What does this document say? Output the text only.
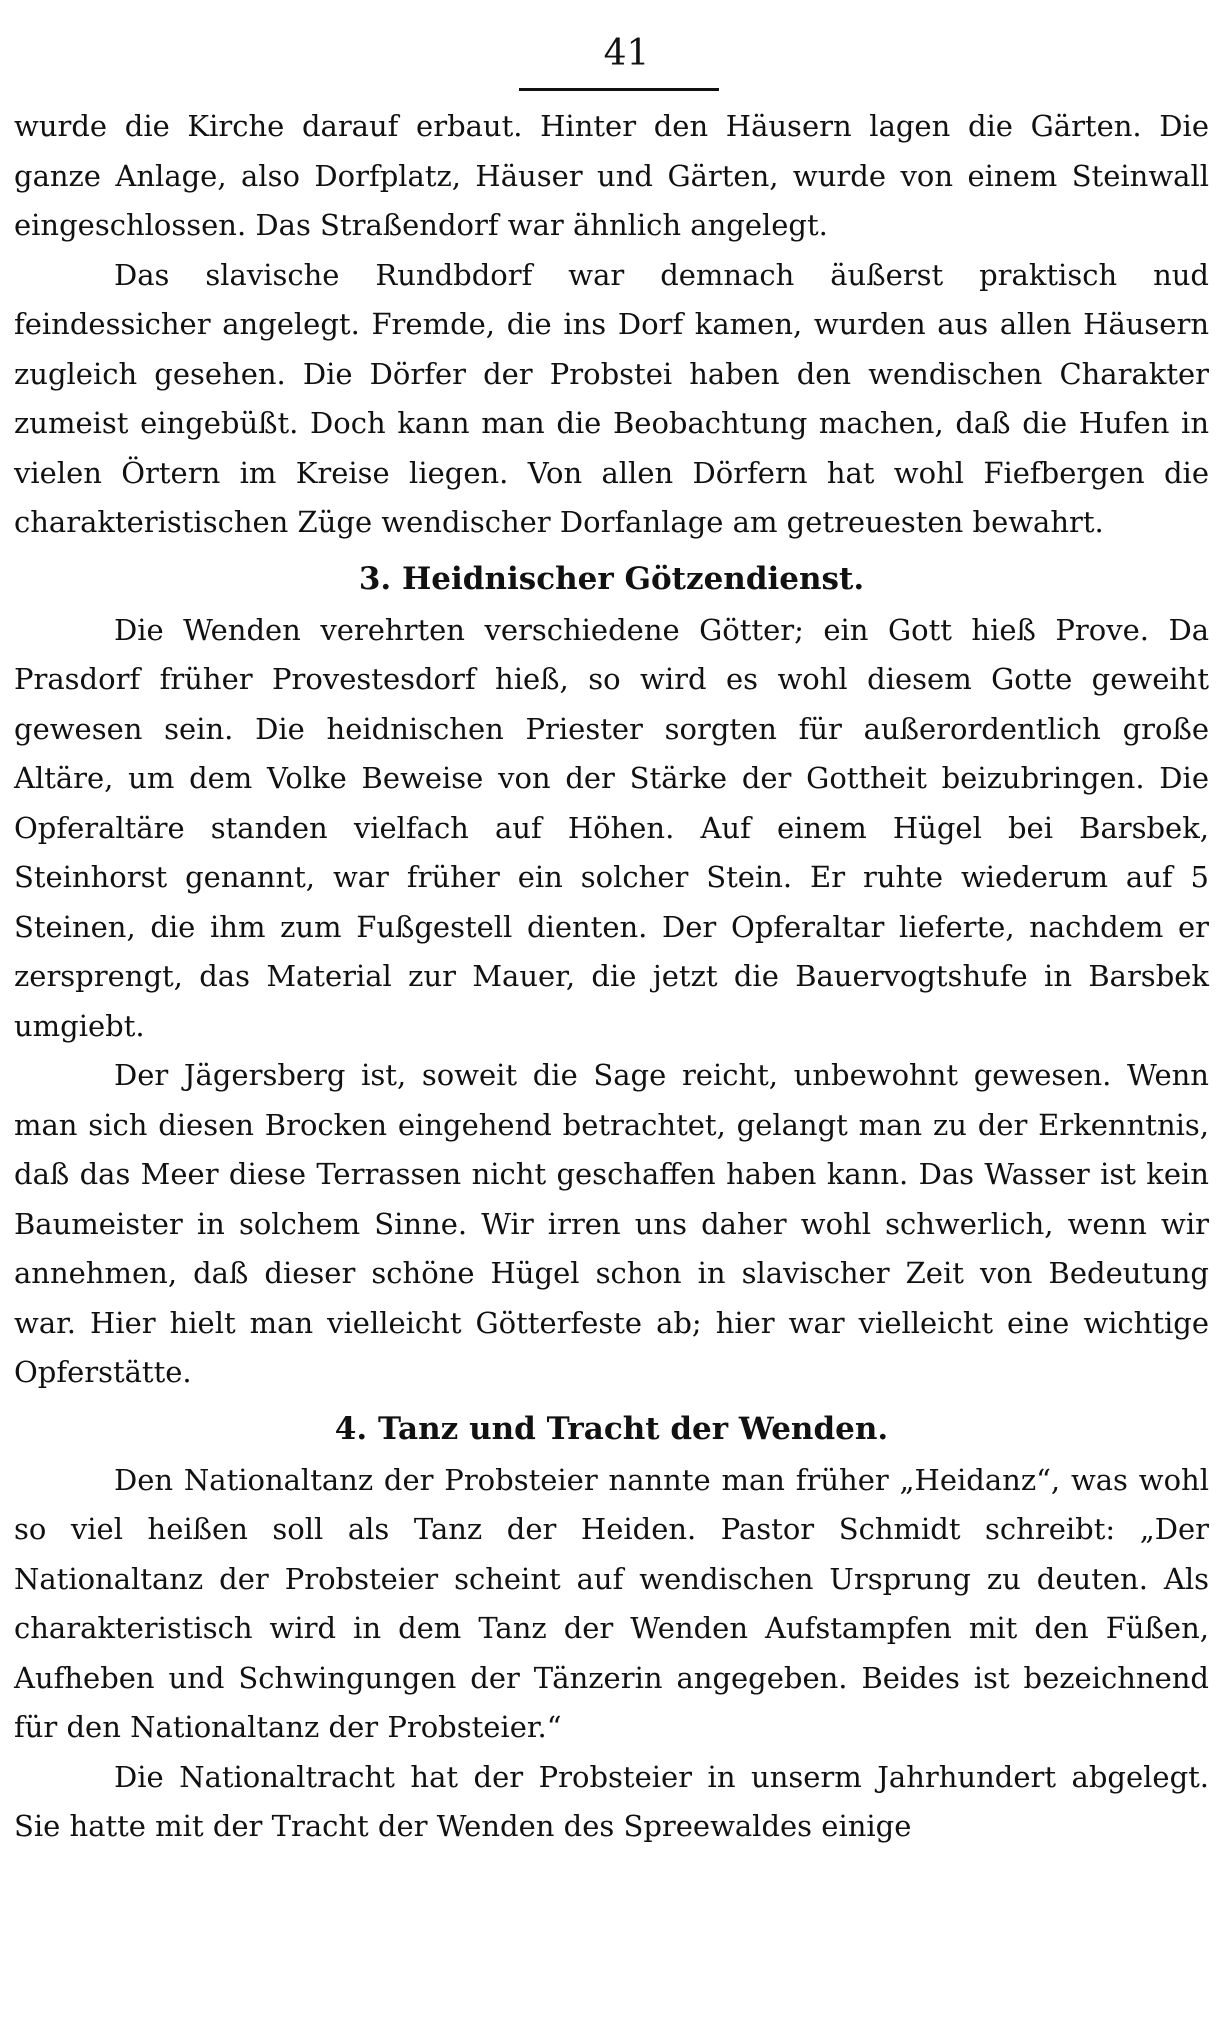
41

wurde die Kirche darauf erbaut. Hinter den Häusern lagen die Gärten. Die ganze Anlage, also Dorfplatz, Häuser und Gärten, wurde von einem Steinwall eingeschlossen. Das Straßendorf war ähnlich angelegt.

Das slavische Rundbdorf war demnach äußerst praktisch nud feindessicher angelegt. Fremde, die ins Dorf kamen, wurden aus allen Häusern zugleich gesehen. Die Dörfer der Probstei haben den wendischen Charakter zumeist eingebüßt. Doch kann man die Beobachtung machen, daß die Hufen in vielen Örtern im Kreise liegen. Von allen Dörfern hat wohl Fiefbergen die charakteristischen Züge wendischer Dorfanlage am getreuesten bewahrt.

3. Heidnischer Götzendienst.

Die Wenden verehrten verschiedene Götter; ein Gott hieß Prove. Da Prasdorf früher Provestesdorf hieß, so wird es wohl diesem Gotte geweiht gewesen sein. Die heidnischen Priester sorgten für außerordentlich große Altäre, um dem Volke Beweise von der Stärke der Gottheit beizubringen. Die Opferaltäre standen vielfach auf Höhen. Auf einem Hügel bei Barsbek, Steinhorst genannt, war früher ein solcher Stein. Er ruhte wiederum auf 5 Steinen, die ihm zum Fußgestell dienten. Der Opferaltar lieferte, nachdem er zersprengt, das Material zur Mauer, die jetzt die Bauervogtshufe in Barsbek umgiebt.

Der Jägersberg ist, soweit die Sage reicht, unbewohnt gewesen. Wenn man sich diesen Brocken eingehend betrachtet, gelangt man zu der Erkenntnis, daß das Meer diese Terrassen nicht geschaffen haben kann. Das Wasser ist kein Baumeister in solchem Sinne. Wir irren uns daher wohl schwerlich, wenn wir annehmen, daß dieser schöne Hügel schon in slavischer Zeit von Bedeutung war. Hier hielt man vielleicht Götterfeste ab; hier war vielleicht eine wichtige Opferstätte.

4. Tanz und Tracht der Wenden.

Den Nationaltanz der Probsteier nannte man früher „Heidanz“, was wohl so viel heißen soll als Tanz der Heiden. Pastor Schmidt schreibt: „Der Nationaltanz der Probsteier scheint auf wendischen Ursprung zu deuten. Als charakteristisch wird in dem Tanz der Wenden Aufstampfen mit den Füßen, Aufheben und Schwingungen der Tänzerin angegeben. Beides ist bezeichnend für den Nationaltanz der Probsteier.“

Die Nationaltracht hat der Probsteier in unserm Jahrhundert abgelegt. Sie hatte mit der Tracht der Wenden des Spreewaldes einige
